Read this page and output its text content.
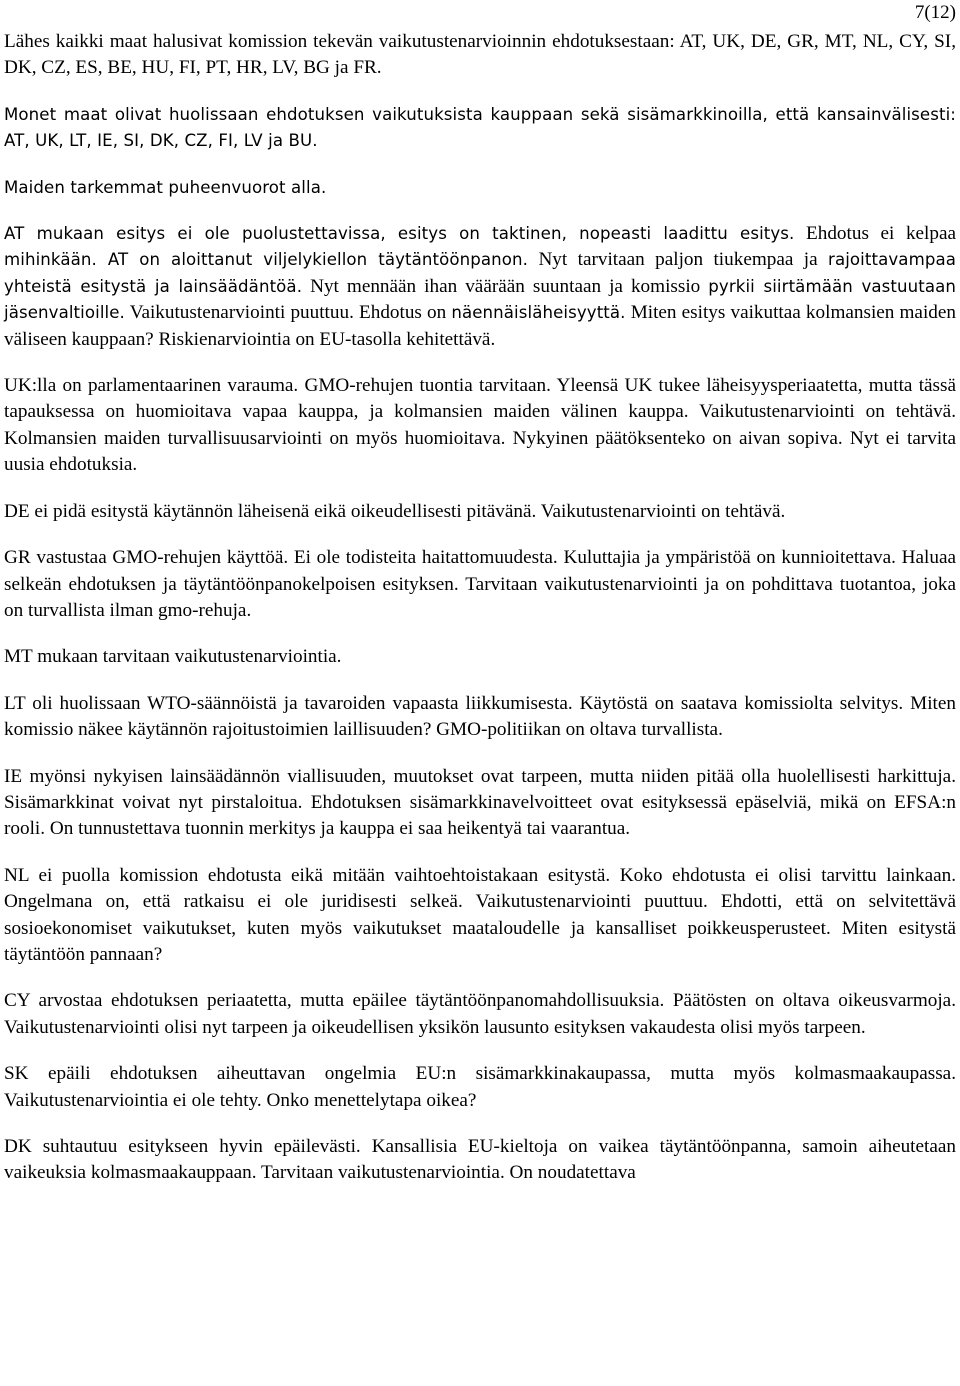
7(12)

Lähes kaikki maat halusivat komission tekevän vaikutustenarvioinnin ehdotuksestaan: AT, UK, DE, GR, MT, NL, CY, SI, DK, CZ, ES, BE, HU, FI, PT, HR, LV, BG ja FR.

Monet maat olivat huolissaan ehdotuksen vaikutuksista kauppaan sekä sisämarkkinoilla, että kansainvälisesti: AT, UK, LT, IE, SI, DK, CZ, FI, LV ja BU.

Maiden tarkemmat puheenvuorot alla.

AT mukaan esitys ei ole puolustettavissa, esitys on taktinen, nopeasti laadittu esitys. Ehdotus ei kelpaa mihinkään. AT on aloittanut viljelykiellon täytäntöönpanon. Nyt tarvitaan paljon tiukempaa ja rajoittavampaa yhteistä esitystä ja lainsäädäntöä. Nyt mennään ihan väärään suuntaan ja komissio pyrkii siirtämään vastuutaan jäsenvaltioille. Vaikutustenarviointi puuttuu. Ehdotus on näennäisläheisyyttä. Miten esitys vaikuttaa kolmansien maiden väliseen kauppaan? Riskienarviointia on EU-tasolla kehitettävä.

UK:lla on parlamentaarinen varauma. GMO-rehujen tuontia tarvitaan. Yleensä UK tukee läheisyysperiaatetta, mutta tässä tapauksessa on huomioitava vapaa kauppa, ja kolmansien maiden välinen kauppa. Vaikutustenarviointi on tehtävä. Kolmansien maiden turvallisuusarviointi on myös huomioitava. Nykyinen päätöksenteko on aivan sopiva. Nyt ei tarvita uusia ehdotuksia.

DE ei pidä esitystä käytännön läheisenä eikä oikeudellisesti pitävänä. Vaikutustenarviointi on tehtävä.

GR vastustaa GMO-rehujen käyttöä. Ei ole todisteita haitattomuudesta. Kuluttajia ja ympäristöä on kunnioitettava. Haluaa selkeän ehdotuksen ja täytäntöönpanokelpoisen esityksen. Tarvitaan vaikutustenarviointi ja on pohdittava tuotantoa, joka on turvallista ilman gmo-rehuja.

MT mukaan tarvitaan vaikutustenarviointia.

LT oli huolissaan WTO-säännöistä ja tavaroiden vapaasta liikkumisesta. Käytöstä on saatava komissiolta selvitys. Miten komissio näkee käytännön rajoitustoimien laillisuuden? GMO-politiikan on oltava turvallista.

IE myönsi nykyisen lainsäädännön viallisuuden, muutokset ovat tarpeen, mutta niiden pitää olla huolellisesti harkittuja. Sisämarkkinat voivat nyt pirstaloitua. Ehdotuksen sisämarkkinavelvoitteet ovat esityksessä epäselviä, mikä on EFSA:n rooli. On tunnustettava tuonnin merkitys ja kauppa ei saa heikentyä tai vaarantua.

NL ei puolla komission ehdotusta eikä mitään vaihtoehtoistakaan esitystä. Koko ehdotusta ei olisi tarvittu lainkaan. Ongelmana on, että ratkaisu ei ole juridisesti selkeä. Vaikutustenarviointi puuttuu. Ehdotti, että on selvitettävä sosioekonomiset vaikutukset, kuten myös vaikutukset maataloudelle ja kansalliset poikkeusperusteet. Miten esitystä täytäntöön pannaan?

CY arvostaa ehdotuksen periaatetta, mutta epäilee täytäntöönpanomahdollisuuksia. Päätösten on oltava oikeusvarmoja. Vaikutustenarviointi olisi nyt tarpeen ja oikeudellisen yksikön lausunto esityksen vakaudesta olisi myös tarpeen.

SK epäili ehdotuksen aiheuttavan ongelmia EU:n sisämarkkinakaupassa, mutta myös kolmasmaakaupassa. Vaikutustenarviointia ei ole tehty. Onko menettelytapa oikea?

DK suhtautuu esitykseen hyvin epäilevästi. Kansallisia EU-kieltoja on vaikea täytäntöönpanna, samoin aiheutetaan vaikeuksia kolmasmaakauppaan. Tarvitaan vaikutustenarviointia. On noudatettava
